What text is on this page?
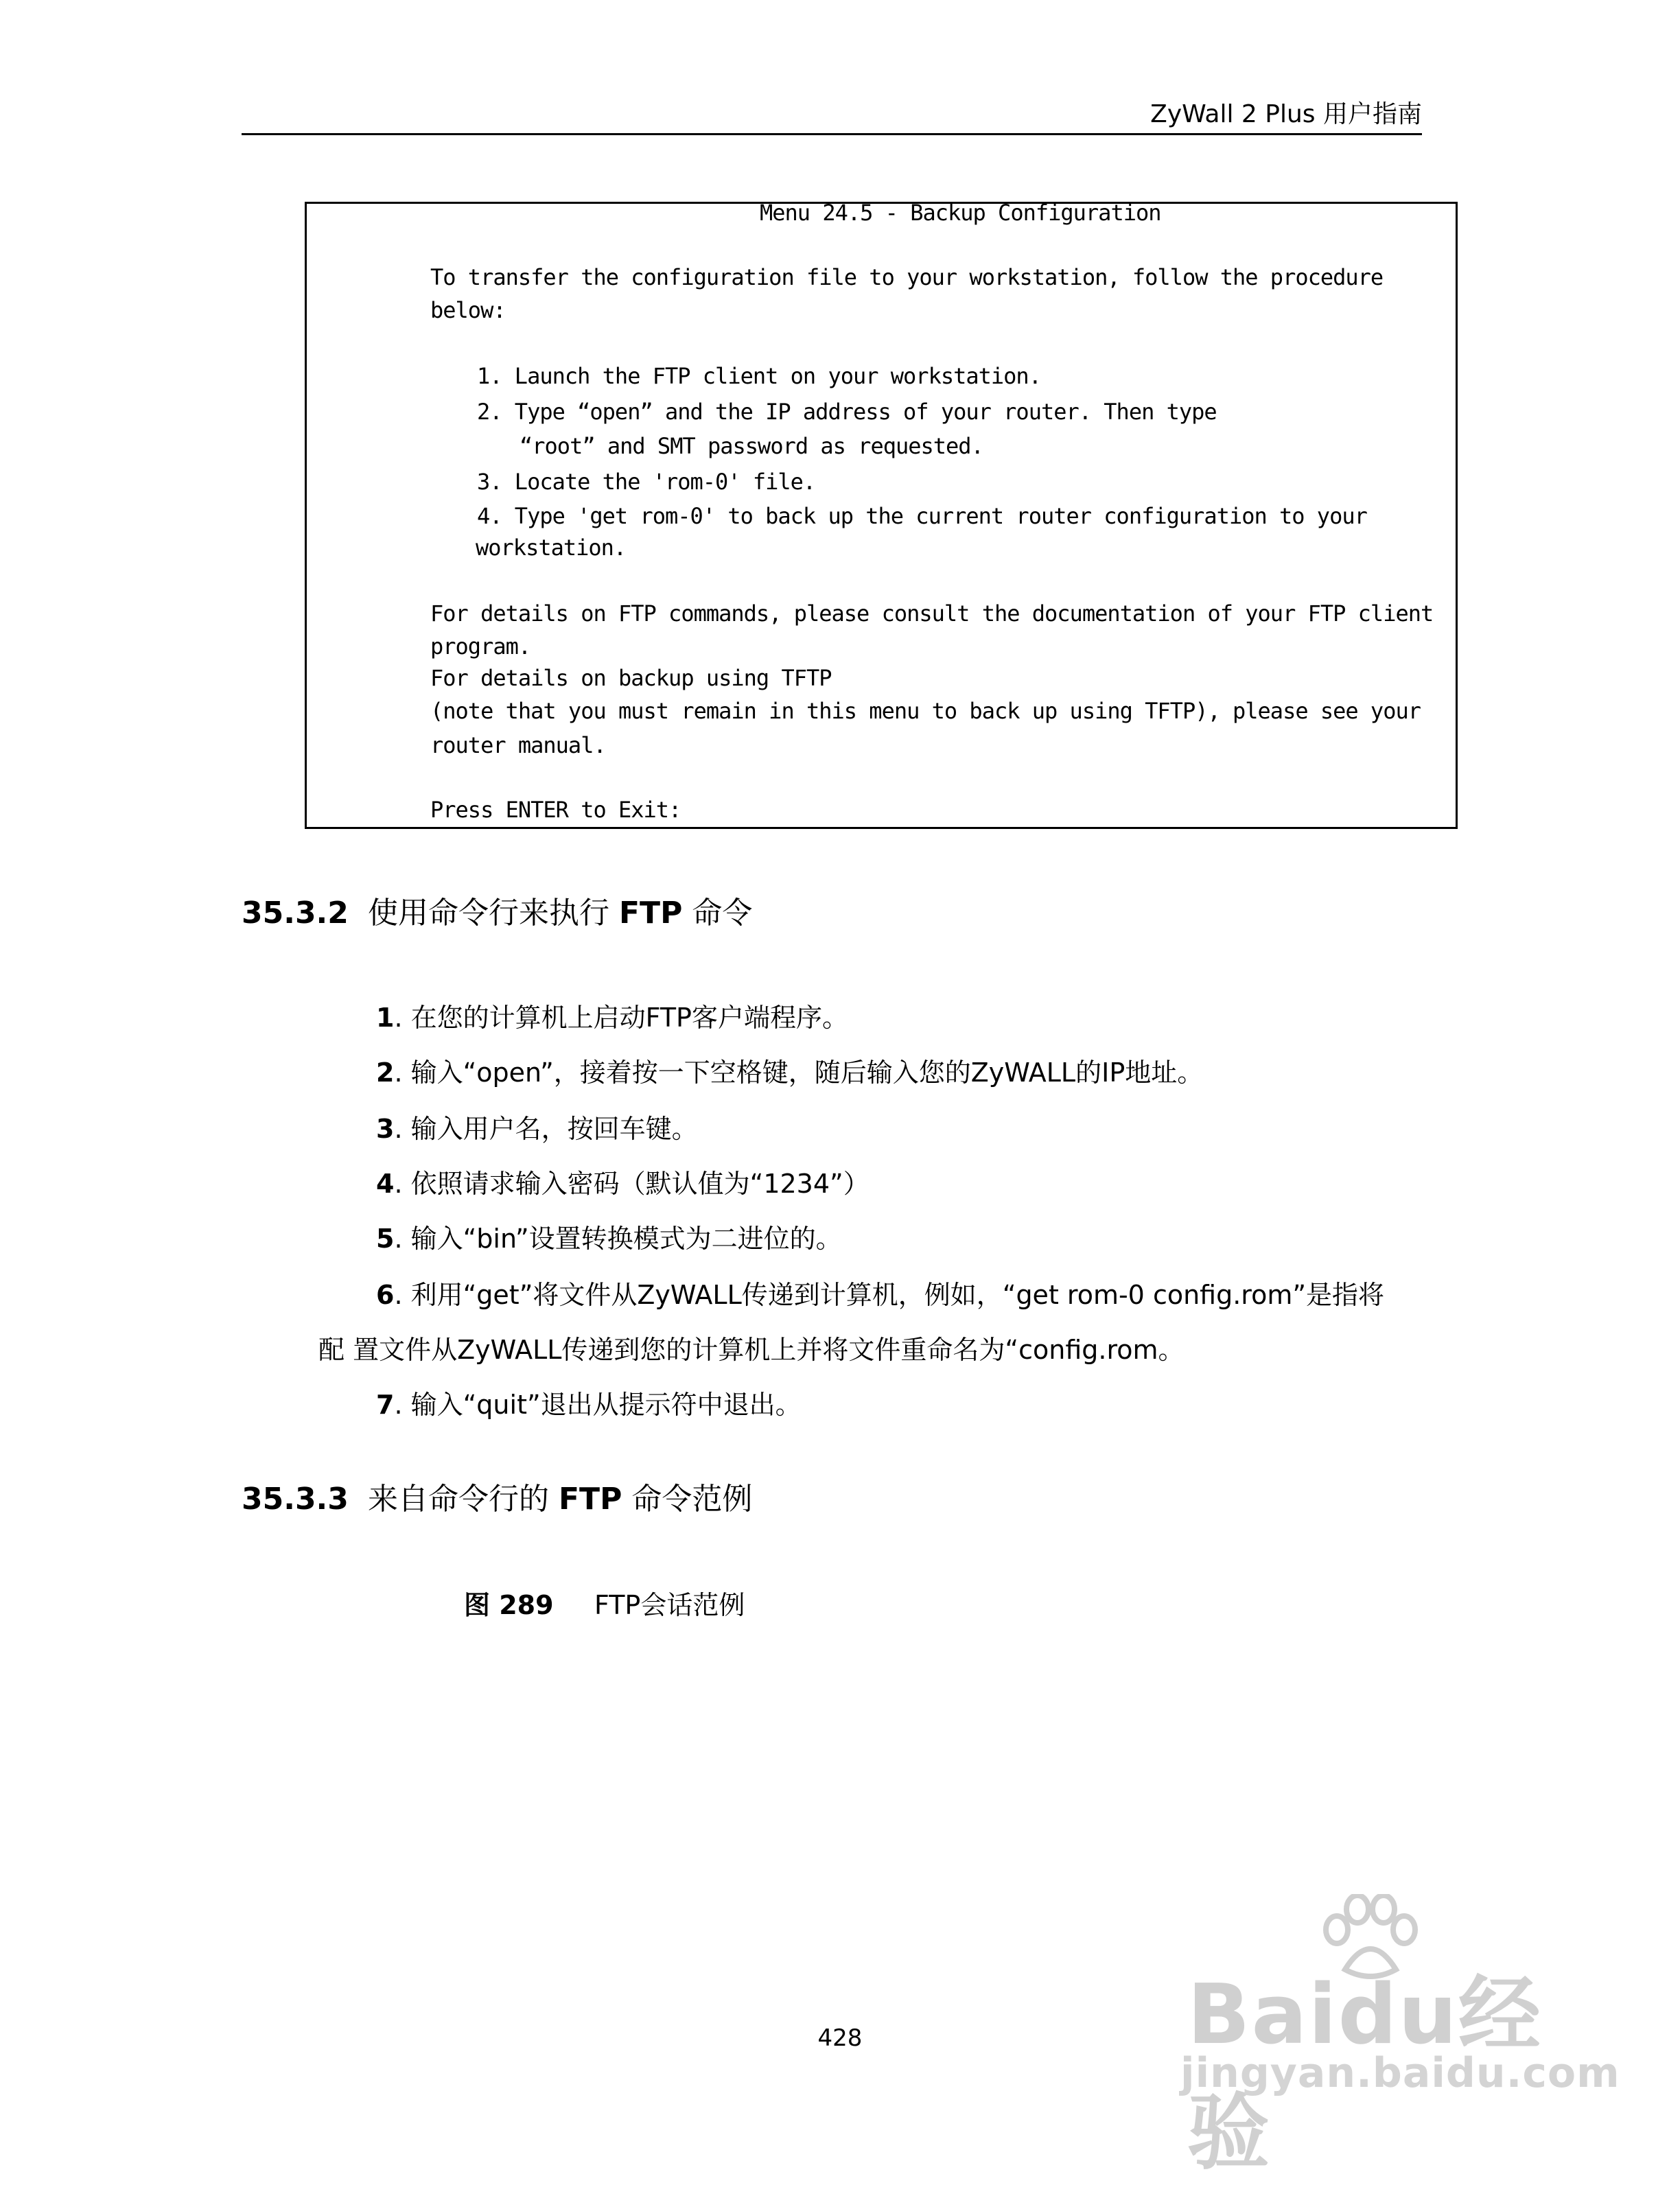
ZyWall 2 Plus 用户指南

Menu 24.5 - Backup Configuration

To transfer the configuration file to your workstation, follow the procedure

below:

1. Launch the FTP client on your workstation.

2. Type “open” and the IP address of your router. Then type

“root” and SMT password as requested.

3. Locate the 'rom-0' file.

4. Type 'get rom-0' to back up the current router configuration to your

workstation.

For details on FTP commands, please consult the documentation of your FTP client

program.

For details on backup using TFTP

(note that you must remain in this menu to back up using TFTP), please see your

router manual.

Press ENTER to Exit:

35.3.2 使用命令行来执行 FTP 命令
1. 在您的计算机上启动FTP客户端程序。
2. 输入“open”，接着按一下空格键，随后输入您的ZyWALL的IP地址。
3. 输入用户名，按回车键。
4. 依照请求输入密码（默认值为“1234”）
5. 输入“bin”设置转换模式为二进位的。
6. 利用“get”将文件从ZyWALL传递到计算机，例如，“get rom-0 config.rom”是指将
配 置文件从ZyWALL传递到您的计算机上并将文件重命名为“config.rom。
7. 输入“quit”退出从提示符中退出。
35.3.3 来自命令行的 FTP 命令范例
图 289 FTP会话范例
428	Baidu经验
jingyan.baidu.com
